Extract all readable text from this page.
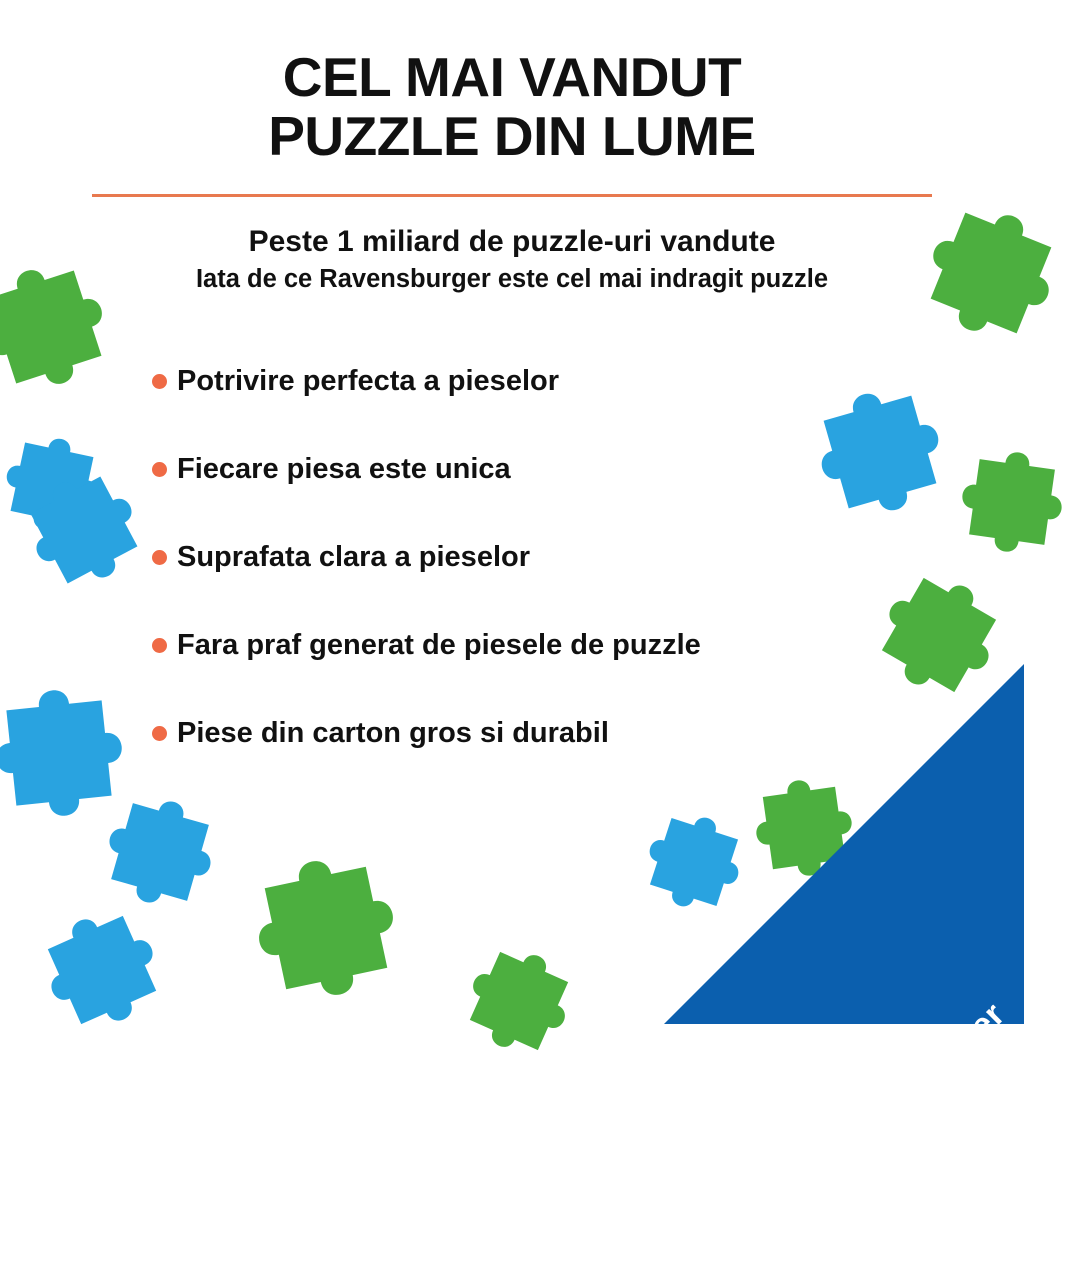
CEL MAI VANDUT
PUZZLE DIN LUME

Peste 1 miliard de puzzle-uri vandute

Iata de ce Ravensburger este cel mai indragit puzzle

Potrivire perfecta a pieselor
Fiecare piesa este unica
Suprafata clara a pieselor
Fara praf generat de piesele de puzzle
Piese din carton gros si durabil
Ravensburger
